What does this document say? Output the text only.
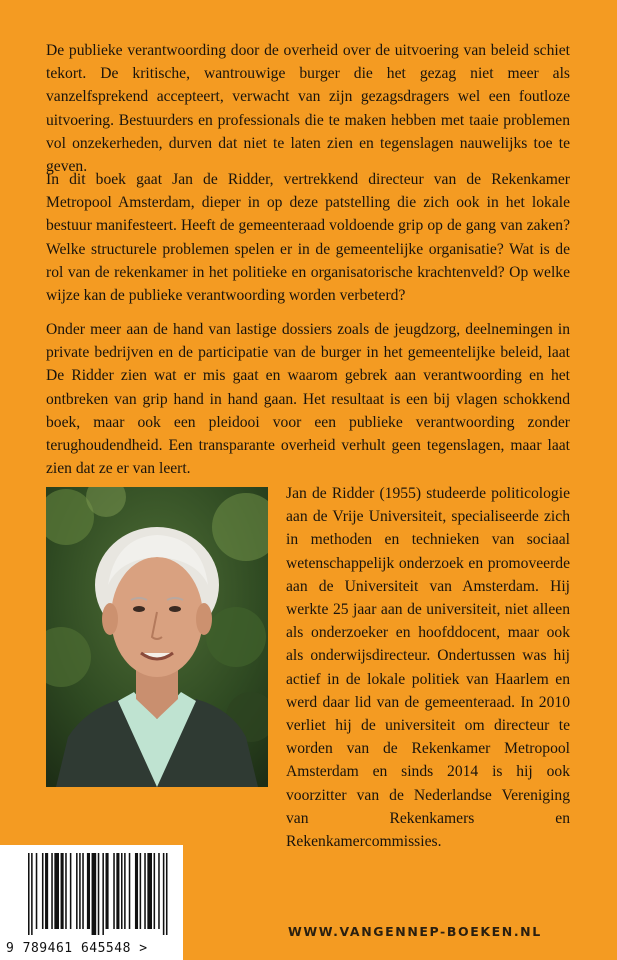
De publieke verantwoording door de overheid over de uitvoering van beleid schiet tekort. De kritische, wantrouwige burger die het gezag niet meer als vanzelfsprekend accepteert, verwacht van zijn gezagsdragers wel een foutloze uitvoering. Bestuurders en professionals die te maken hebben met taaie problemen vol onzekerheden, durven dat niet te laten zien en tegenslagen nauwelijks toe te geven.

In dit boek gaat Jan de Ridder, vertrekkend directeur van de Rekenkamer Metropool Amsterdam, dieper in op deze patstelling die zich ook in het lokale bestuur manifesteert. Heeft de gemeenteraad voldoende grip op de gang van zaken? Welke structurele problemen spelen er in de gemeentelijke organisatie? Wat is de rol van de rekenkamer in het politieke en organisatorische krachtenveld? Op welke wijze kan de publieke verantwoording worden verbeterd?

Onder meer aan de hand van lastige dossiers zoals de jeugdzorg, deelnemingen in private bedrijven en de participatie van de burger in het gemeentelijke beleid, laat De Ridder zien wat er mis gaat en waarom gebrek aan verantwoording en het ontbreken van grip hand in hand gaan. Het resultaat is een bij vlagen schokkend boek, maar ook een pleidooi voor een publieke verantwoording zonder terughoudendheid. Een transparante overheid verhult geen tegenslagen, maar laat zien dat ze er van leert.

Jan de Ridder (1955) studeerde politicologie aan de Vrije Universiteit, specialiseerde zich in methoden en technieken van sociaal wetenschappelijk onderzoek en promoveerde aan de Universiteit van Amsterdam. Hij werkte 25 jaar aan de universiteit, niet alleen als onderzoeker en hoofddocent, maar ook als onderwijsdirecteur. Ondertussen was hij actief in de lokale politiek van Haarlem en werd daar lid van de gemeenteraad. In 2010 verliet hij de universiteit om directeur te worden van de Rekenkamer Metropool Amsterdam en sinds 2014 is hij ook voorzitter van de Nederlandse Vereniging van Rekenkamers en Rekenkamercommissies.

9 789461 645548 >
WWW.VANGENNEP-BOEKEN.NL
